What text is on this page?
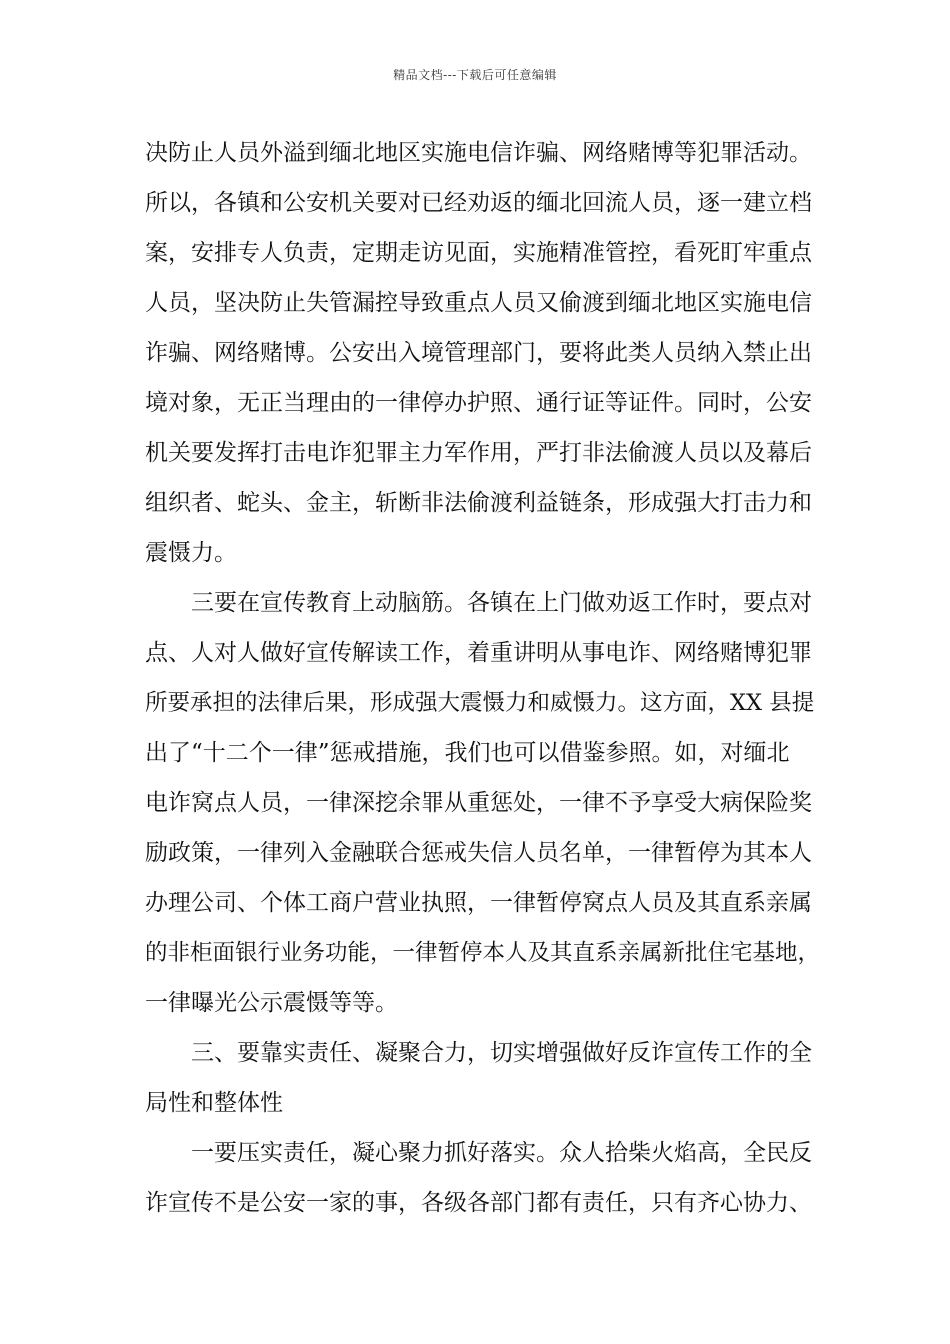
精品文档---下载后可任意编辑
决防止人员外溢到缅北地区实施电信诈骗、网络赌博等犯罪活动。
所以，各镇和公安机关要对已经劝返的缅北回流人员，逐一建立档
案，安排专人负责，定期走访见面，实施精准管控，看死盯牢重点
人员，坚决防止失管漏控导致重点人员又偷渡到缅北地区实施电信
诈骗、网络赌博。公安出入境管理部门，要将此类人员纳入禁止出
境对象，无正当理由的一律停办护照、通行证等证件。同时，公安
机关要发挥打击电诈犯罪主力军作用，严打非法偷渡人员以及幕后
组织者、蛇头、金主，斩断非法偷渡利益链条，形成强大打击力和
震慑力。
三要在宣传教育上动脑筋。各镇在上门做劝返工作时，要点对
点、人对人做好宣传解读工作，着重讲明从事电诈、网络赌博犯罪
所要承担的法律后果，形成强大震慑力和威慑力。这方面，XX 县提
出了“十二个一律”惩戒措施，我们也可以借鉴参照。如，对缅北
电诈窝点人员，一律深挖余罪从重惩处，一律不予享受大病保险奖
励政策，一律列入金融联合惩戒失信人员名单，一律暂停为其本人
办理公司、个体工商户营业执照，一律暂停窝点人员及其直系亲属
的非柜面银行业务功能，一律暂停本人及其直系亲属新批住宅基地，
一律曝光公示震慑等等。
三、要靠实责任、凝聚合力，切实增强做好反诈宣传工作的全
局性和整体性
一要压实责任，凝心聚力抓好落实。众人拾柴火焰高，全民反
诈宣传不是公安一家的事，各级各部门都有责任，只有齐心协力、
